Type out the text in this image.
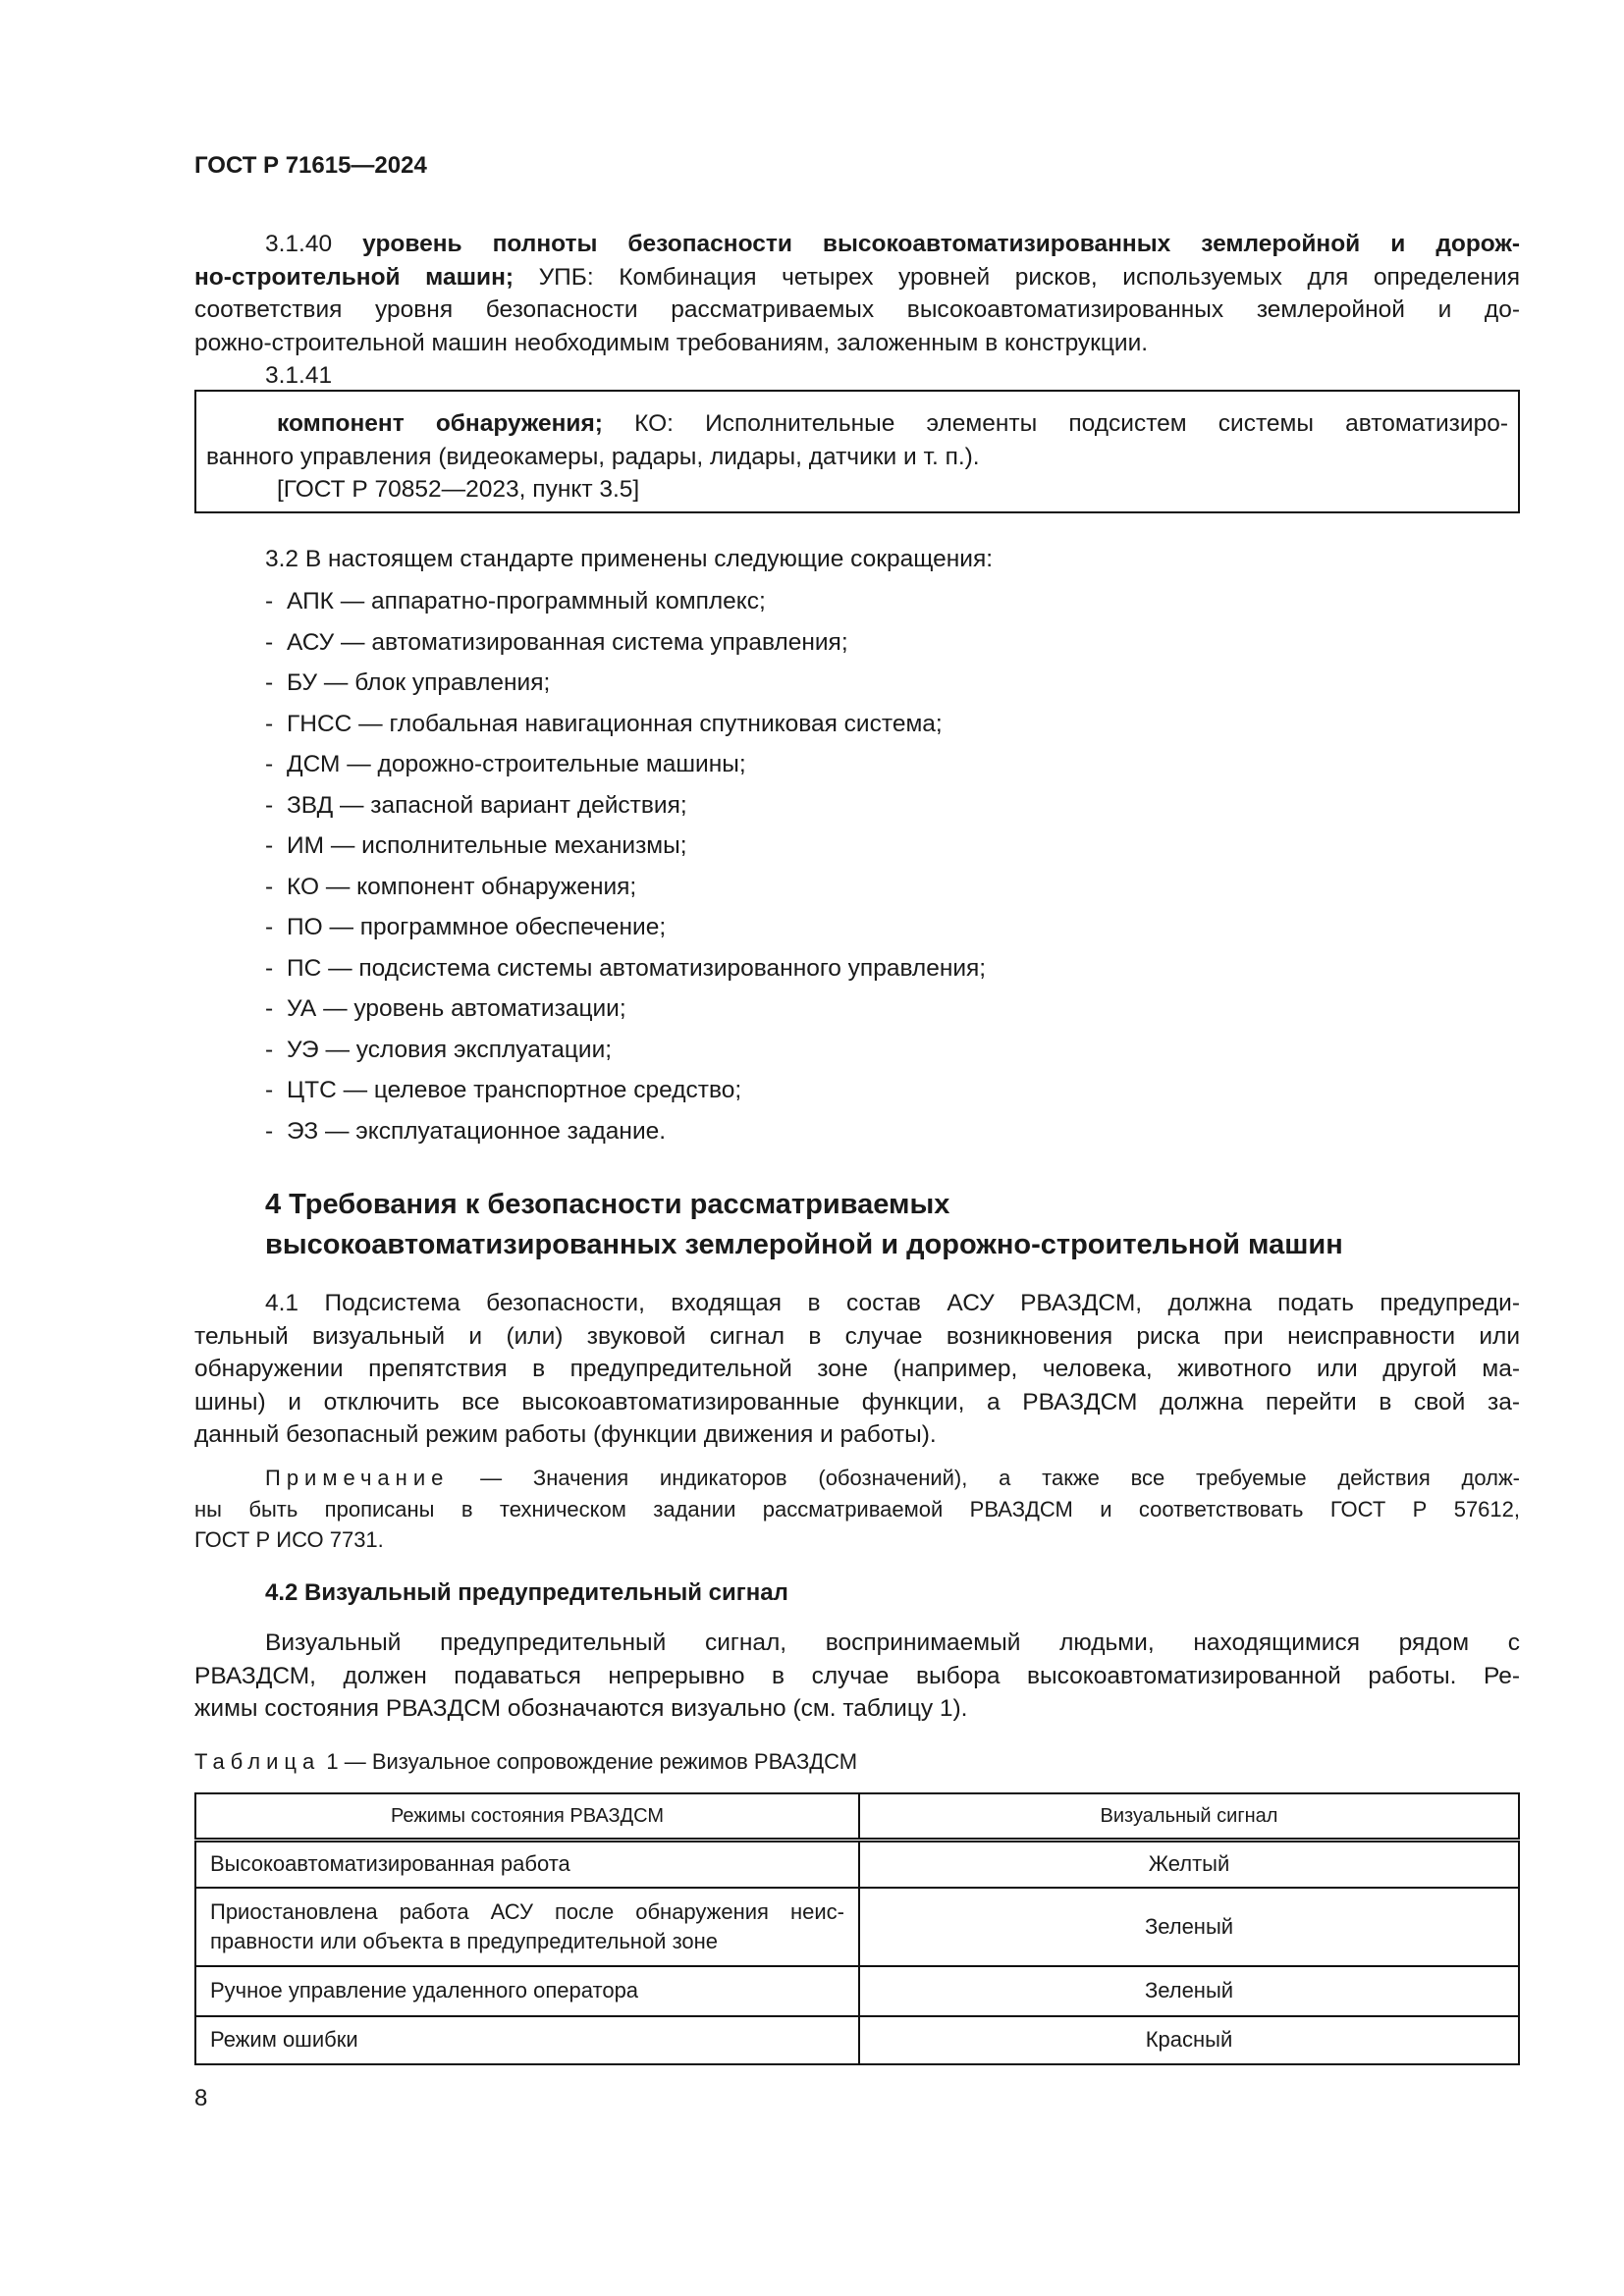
ГОСТ Р 71615—2024
3.1.40 уровень полноты безопасности высокоавтоматизированных землеройной и дорож-
но-строительной машин; УПБ: Комбинация четырех уровней рисков, используемых для определения
соответствия уровня безопасности рассматриваемых высокоавтоматизированных землеройной и до-
рожно-строительной машин необходимым требованиям, заложенным в конструкции.
3.1.41
компонент обнаружения; КО: Исполнительные элементы подсистем системы автоматизиро-
ванного управления (видеокамеры, радары, лидары, датчики и т. п.).
[ГОСТ Р 70852—2023, пункт 3.5]
3.2 В настоящем стандарте применены следующие сокращения:
- АПК — аппаратно-программный комплекс;
- АСУ — автоматизированная система управления;
- БУ — блок управления;
- ГНСС — глобальная навигационная спутниковая система;
- ДСМ — дорожно-строительные машины;
- ЗВД — запасной вариант действия;
- ИМ — исполнительные механизмы;
- КО — компонент обнаружения;
- ПО — программное обеспечение;
- ПС — подсистема системы автоматизированного управления;
- УА — уровень автоматизации;
- УЭ — условия эксплуатации;
- ЦТС — целевое транспортное средство;
- ЭЗ — эксплуатационное задание.
4 Требования к безопасности рассматриваемых
высокоавтоматизированных землеройной и дорожно-строительной машин
4.1 Подсистема безопасности, входящая в состав АСУ РВАЗДСМ, должна подать предупреди-
тельный визуальный и (или) звуковой сигнал в случае возникновения риска при неисправности или
обнаружении препятствия в предупредительной зоне (например, человека, животного или другой ма-
шины) и отключить все высокоавтоматизированные функции, а РВАЗДСМ должна перейти в свой за-
данный безопасный режим работы (функции движения и работы).
Примечание — Значения индикаторов (обозначений), а также все требуемые действия долж-
ны быть прописаны в техническом задании рассматриваемой РВАЗДСМ и соответствовать ГОСТ Р 57612,
ГОСТ Р ИСО 7731.
4.2 Визуальный предупредительный сигнал
Визуальный предупредительный сигнал, воспринимаемый людьми, находящимися рядом с
РВАЗДСМ, должен подаваться непрерывно в случае выбора высокоавтоматизированной работы. Ре-
жимы состояния РВАЗДСМ обозначаются визуально (см. таблицу 1).
Таблица 1 — Визуальное сопровождение режимов РВАЗДСМ
Режимы состояния РВАЗДСМ	Визуальный сигнал
Высокоавтоматизированная работа	Желтый

Приостановлена работа АСУ после обнаружения неис-
правности или объекта в предупредительной зоне	Зеленый
Ручное управление удаленного оператора	Зеленый
Режим ошибки	Красный
8
